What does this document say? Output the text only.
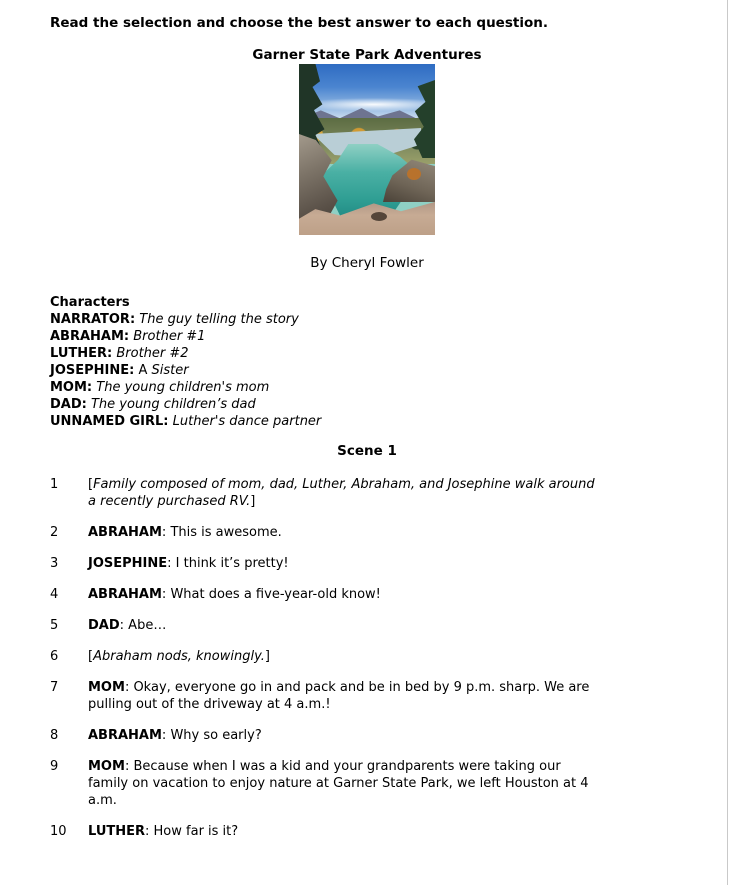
Read the selection and choose the best answer to each question.

Garner State Park Adventures

By Cheryl Fowler

Characters

NARRATOR: The guy telling the story

ABRAHAM: Brother #1

LUTHER: Brother #2

JOSEPHINE: A Sister

MOM: The young children's mom

DAD: The young children’s dad

UNNAMED GIRL: Luther's dance partner

Scene 1
1	[Family composed of mom, dad, Luther, Abraham, and Josephine walk around a recently purchased RV.]
2	ABRAHAM: This is awesome.
3	JOSEPHINE: I think it’s pretty!
4	ABRAHAM: What does a five-year-old know!
5	DAD: Abe…
6	[Abraham nods, knowingly.]
7	MOM: Okay, everyone go in and pack and be in bed by 9 p.m. sharp. We are pulling out of the driveway at 4 a.m.!
8	ABRAHAM: Why so early?
9	MOM: Because when I was a kid and your grandparents were taking our family on vacation to enjoy nature at Garner State Park, we left Houston at 4 a.m.
10	LUTHER: How far is it?
